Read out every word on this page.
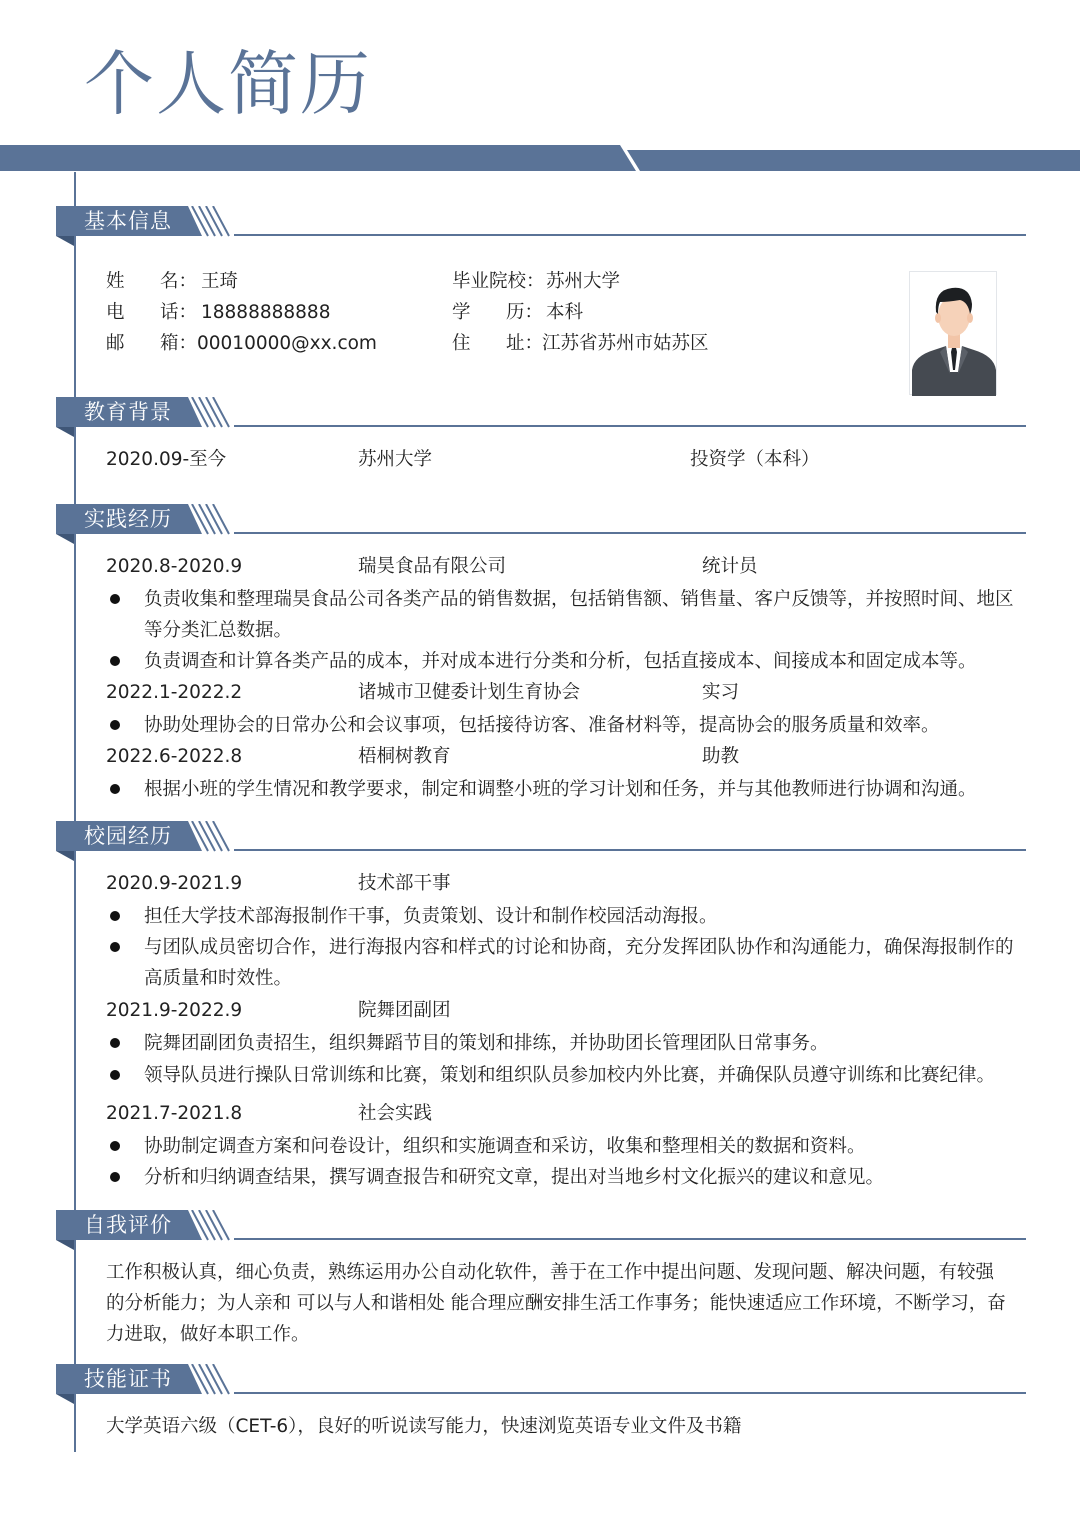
个人简历
基本信息
姓 名： 王琦
电 话： 18888888888
邮 箱： 00010000@xx.com
毕业院校： 苏州大学
学 历： 本科
住 址：
江苏省苏州市姑苏区
教育背景
2020.09-至今	苏州大学	投资学（本科）
实践经历
2020.8-2020.9	瑞昊食品有限公司	统计员
负责收集和整理瑞昊食品公司各类产品的销售数据，包括销售额、销售量、客户反馈等，并按照时间、地区等分类汇总数据。
负责调查和计算各类产品的成本，并对成本进行分类和分析，包括直接成本、间接成本和固定成本等。
2022.1-2022.2	诸城市卫健委计划生育协会	实习
协助处理协会的日常办公和会议事项，包括接待访客、准备材料等，提高协会的服务质量和效率。
2022.6-2022.8	梧桐树教育	助教
根据小班的学生情况和教学要求，制定和调整小班的学习计划和任务，并与其他教师进行协调和沟通。
校园经历
2020.9-2021.9	技术部干事
担任大学技术部海报制作干事，负责策划、设计和制作校园活动海报。
与团队成员密切合作，进行海报内容和样式的讨论和协商，充分发挥团队协作和沟通能力，确保海报制作的高质量和时效性。
2021.9-2022.9	院舞团副团
院舞团副团负责招生，组织舞蹈节目的策划和排练，并协助团长管理团队日常事务。
领导队员进行操队日常训练和比赛，策划和组织队员参加校内外比赛，并确保队员遵守训练和比赛纪律。
2021.7-2021.8	社会实践
协助制定调查方案和问卷设计，组织和实施调查和采访，收集和整理相关的数据和资料。
分析和归纳调查结果，撰写调查报告和研究文章，提出对当地乡村文化振兴的建议和意见。
自我评价
工作积极认真，细心负责，熟练运用办公自动化软件，善于在工作中提出问题、发现问题、解决问题，有较强的分析能力；为人亲和 可以与人和谐相处 能合理应酬安排生活工作事务；能快速适应工作环境，不断学习，奋力进取，做好本职工作。
技能证书
大学英语六级（CET-6），良好的听说读写能力，快速浏览英语专业文件及书籍
